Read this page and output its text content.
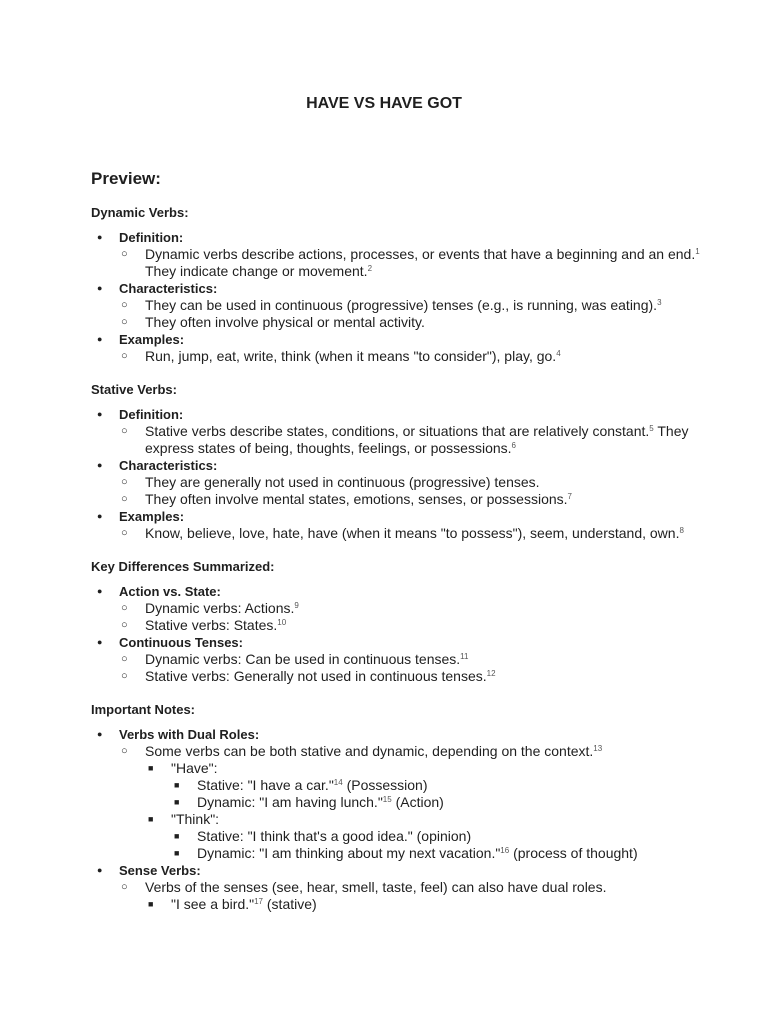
HAVE VS HAVE GOT
Preview:
Dynamic Verbs:
● Definition:
○ Dynamic verbs describe actions, processes, or events that have a beginning and an end.$^1$ They indicate change or movement.$^2$
● Characteristics:
○ They can be used in continuous (progressive) tenses (e.g., is running, was eating).$^3$
○ They often involve physical or mental activity.
● Examples:
○ Run, jump, eat, write, think (when it means "to consider"), play, go.$^4$
Stative Verbs:
● Definition:
○ Stative verbs describe states, conditions, or situations that are relatively constant.$^5$ They express states of being, thoughts, feelings, or possessions.$^6$
● Characteristics:
○ They are generally not used in continuous (progressive) tenses.
○ They often involve mental states, emotions, senses, or possessions.$^7$
● Examples:
○ Know, believe, love, hate, have (when it means "to possess"), seem, understand, own.$^8$
Key Differences Summarized:
● Action vs. State:
○ Dynamic verbs: Actions.$^9$
○ Stative verbs: States.$^{10}$
● Continuous Tenses:
○ Dynamic verbs: Can be used in continuous tenses.$^{11}$
○ Stative verbs: Generally not used in continuous tenses.$^{12}$
Important Notes:
● Verbs with Dual Roles:
○ Some verbs can be both stative and dynamic, depending on the context.$^{13}$
■ "Have":
■ Stative: "I have a car."$^{14}$ (Possession)
■ Dynamic: "I am having lunch."$^{15}$ (Action)
■ "Think":
■ Stative: "I think that's a good idea." (opinion)
■ Dynamic: "I am thinking about my next vacation."$^{16}$ (process of thought)
● Sense Verbs:
○ Verbs of the senses (see, hear, smell, taste, feel) can also have dual roles.
■ "I see a bird."$^{17}$ (stative)
